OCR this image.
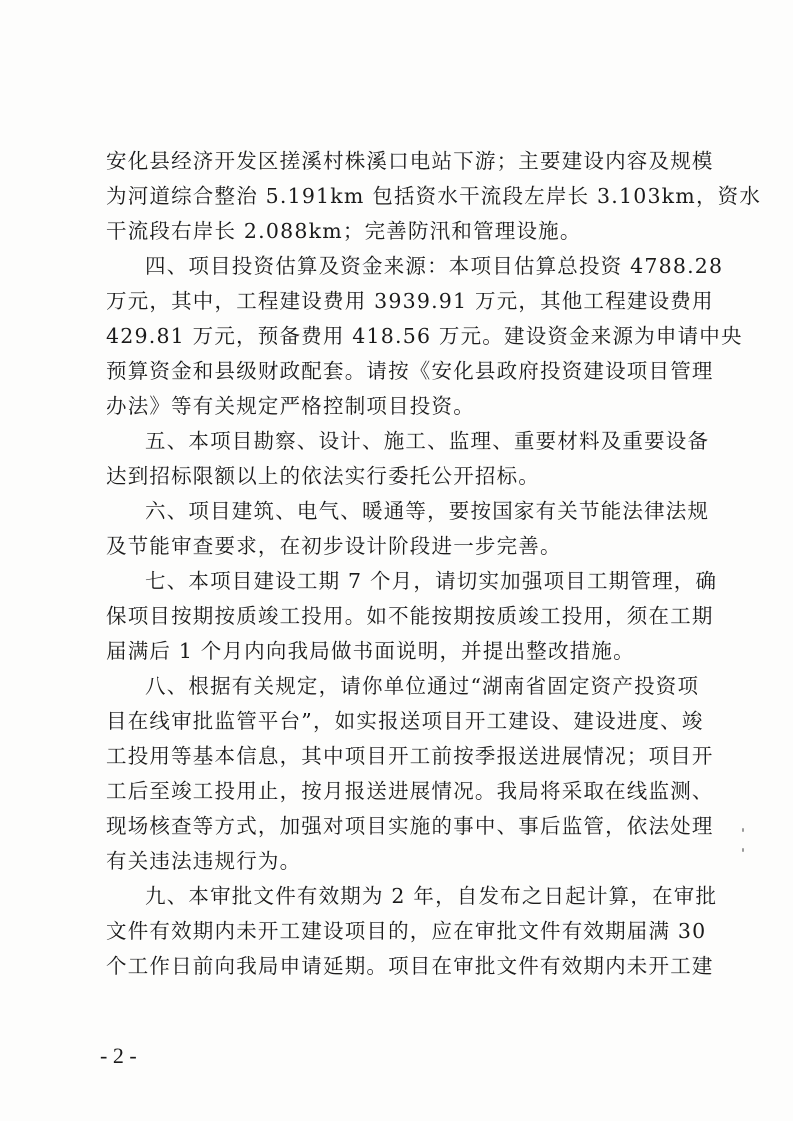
安化县经济开发区搓溪村株溪口电站下游；主要建设内容及规模
为河道综合整治 5.191km 包括资水干流段左岸长 3.103km，资水
干流段右岸长 2.088km；完善防汛和管理设施。
四、项目投资估算及资金来源：本项目估算总投资 4788.28
万元，其中，工程建设费用 3939.91 万元，其他工程建设费用
429.81 万元，预备费用 418.56 万元。建设资金来源为申请中央
预算资金和县级财政配套。请按《安化县政府投资建设项目管理
办法》等有关规定严格控制项目投资。
五、本项目勘察、设计、施工、监理、重要材料及重要设备
达到招标限额以上的依法实行委托公开招标。
六、项目建筑、电气、暖通等，要按国家有关节能法律法规
及节能审查要求，在初步设计阶段进一步完善。
七、本项目建设工期 7 个月，请切实加强项目工期管理，确
保项目按期按质竣工投用。如不能按期按质竣工投用，须在工期
届满后 1 个月内向我局做书面说明，并提出整改措施。
八、根据有关规定，请你单位通过“湖南省固定资产投资项
目在线审批监管平台”，如实报送项目开工建设、建设进度、竣
工投用等基本信息，其中项目开工前按季报送进展情况；项目开
工后至竣工投用止，按月报送进展情况。我局将采取在线监测、
现场核查等方式，加强对项目实施的事中、事后监管，依法处理
有关违法违规行为。
九、本审批文件有效期为 2 年，自发布之日起计算，在审批
文件有效期内未开工建设项目的，应在审批文件有效期届满 30
个工作日前向我局申请延期。项目在审批文件有效期内未开工建
- 2 -
